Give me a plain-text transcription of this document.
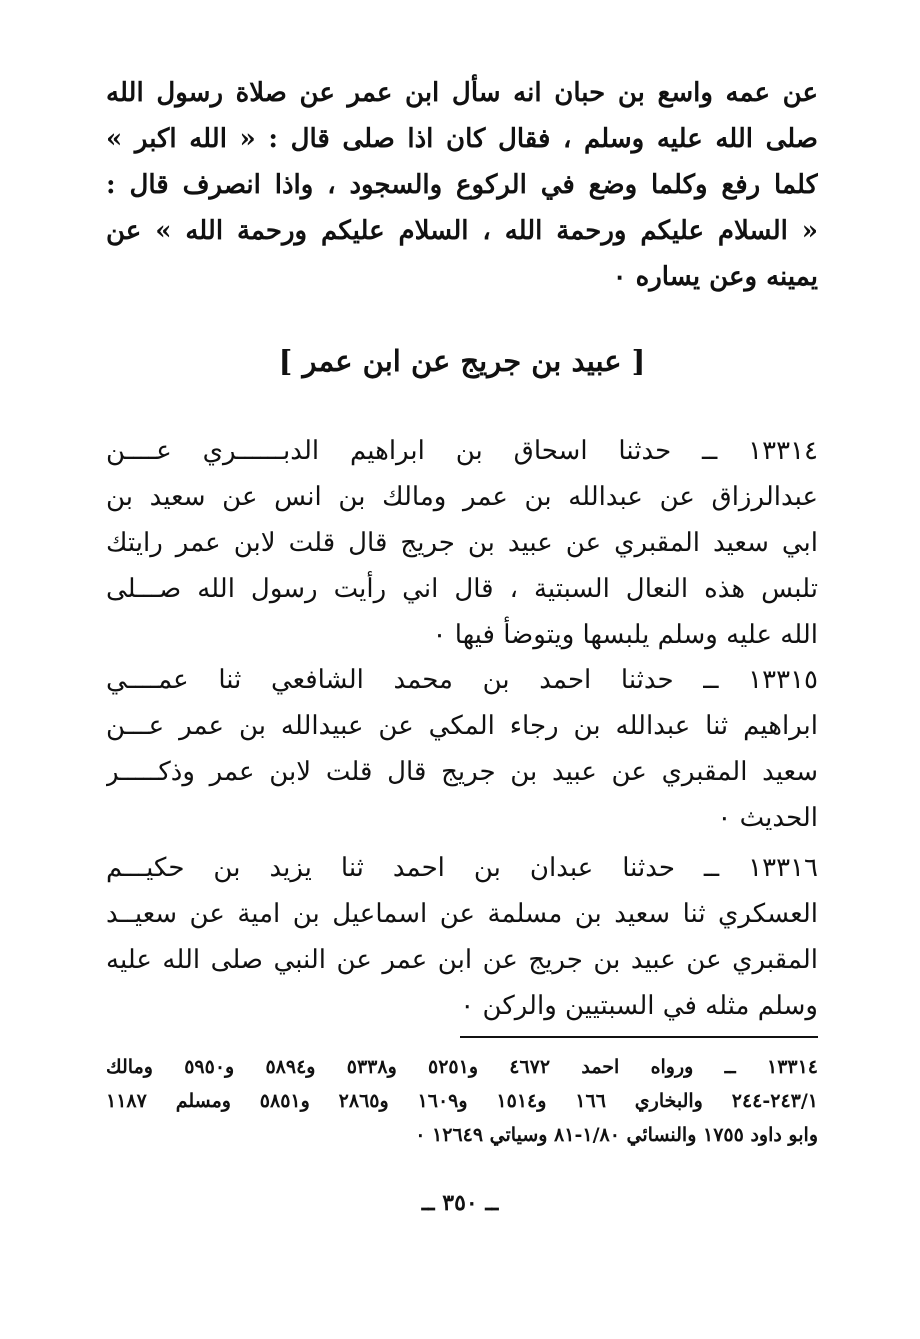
عن عمه واسع بن حبان انه سأل ابن عمر عن صلاة رسول الله
صلى الله عليه وسلم ، فقال كان اذا صلى قال : « الله اكبر »
كلما رفع وكلما وضع في الركوع والسجود ، واذا انصرف قال :
« السلام عليكم ورحمة الله ، السلام عليكم ورحمة الله » عن
يمينه وعن يساره ٠
[ عبيد بن جريج عن ابن عمر ]
١٣٣١٤ ــ حدثنا اسحاق بن ابراهيم الدبــــــري عــــن
عبدالرزاق عن عبدالله بن عمر ومالك بن انس عن سعيد بن
ابي سعيد المقبري عن عبيد بن جريج قال قلت لابن عمر رايتك
تلبس هذه النعال السبتية ، قال اني رأيت رسول الله صـــلى
الله عليه وسلم يلبسها ويتوضأ فيها ٠
١٣٣١٥ ــ حدثنا احمد بن محمد الشافعي ثنا عمــــي
ابراهيم ثنا عبدالله بن رجاء المكي عن عبيدالله بن عمر عـــن
سعيد المقبري عن عبيد بن جريج قال قلت لابن عمر وذكـــــر
الحديث ٠
١٣٣١٦ ــ حدثنا عبدان بن احمد ثنا يزيد بن حكيـــم
العسكري ثنا سعيد بن مسلمة عن اسماعيل بن امية عن سعيــد
المقبري عن عبيد بن جريج عن ابن عمر عن النبي صلى الله عليه
وسلم مثله في السبتيين والركن ٠
١٣٣١٤ ــ ورواه احمد ٤٦٧٢ و٥٢٥١ و٥٣٣٨ و٥٨٩٤ و٥٩٥٠ ومالك
٢٤٣/١-٢٤٤ والبخاري ١٦٦ و١٥١٤ و١٦٠٩ و٢٨٦٥ و٥٨٥١ ومسلم ١١٨٧
وابو داود ١٧٥٥ والنسائي ١/٨٠-٨١ وسياتي ١٢٦٤٩ ٠
ــ ٣٥٠ ــ
